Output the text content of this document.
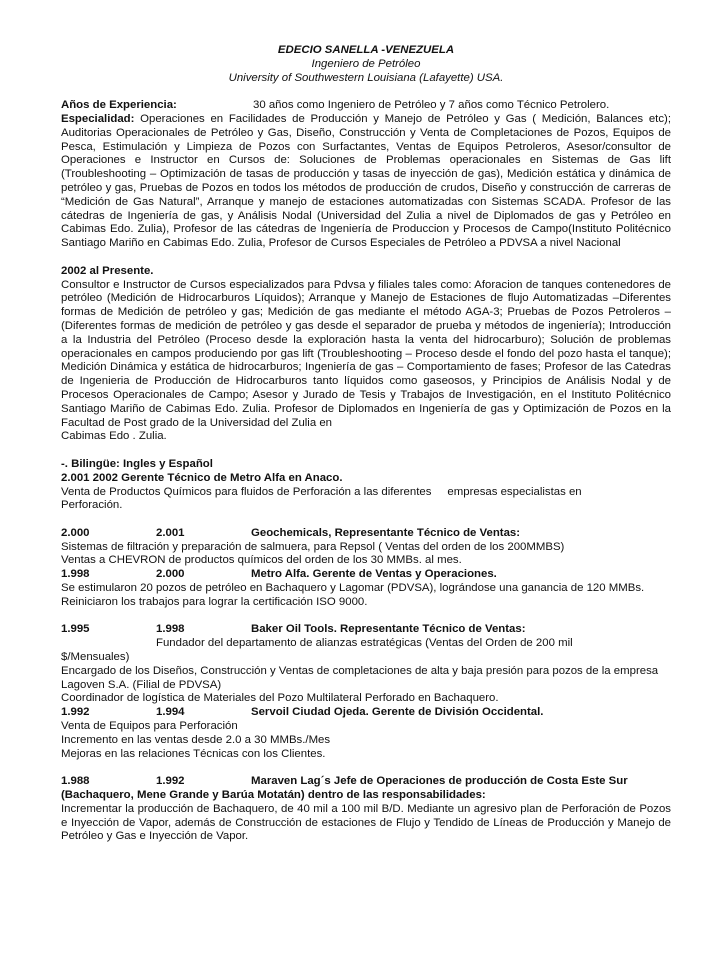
EDECIO SANELLA -VENEZUELA

Ingeniero de Petróleo

University of Southwestern Louisiana (Lafayette) USA.

Años de Experiencia:	30 años como Ingeniero de Petróleo y 7 años como Técnico Petrolero.

Especialidad: Operaciones en Facilidades de Producción y Manejo de Petróleo y Gas ( Medición, Balances etc); Auditorias Operacionales de Petróleo y Gas, Diseño, Construcción y Venta de Completaciones de Pozos, Equipos de Pesca, Estimulación y Limpieza de Pozos con Surfactantes, Ventas de Equipos Petroleros, Asesor/consultor de Operaciones e Instructor en Cursos de: Soluciones de Problemas operacionales en Sistemas de Gas lift (Troubleshooting – Optimización de tasas de producción y tasas de inyección de gas), Medición estática y dinámica de petróleo y gas, Pruebas de Pozos en todos los métodos de producción de crudos, Diseño y construcción de carreras de “Medición de Gas Natural”, Arranque y manejo de estaciones automatizadas con Sistemas SCADA. Profesor de las cátedras de Ingeniería de gas, y Análisis Nodal (Universidad del Zulia a nivel de Diplomados de gas y Petróleo en Cabimas Edo. Zulia), Profesor de las cátedras de Ingeniería de Produccion y Procesos de Campo(Instituto Politécnico Santiago Mariño en Cabimas Edo. Zulia, Profesor de Cursos Especiales de Petróleo a PDVSA a nivel Nacional

2002 al Presente.

Consultor e Instructor de Cursos especializados para Pdvsa y filiales tales como: Aforacion de tanques contenedores de petróleo (Medición de Hidrocarburos Líquidos); Arranque y Manejo de Estaciones de flujo Automatizadas –Diferentes formas de Medición de petróleo y gas; Medición de gas mediante el método AGA-3; Pruebas de Pozos Petroleros – (Diferentes formas de medición de petróleo y gas desde el separador de prueba y métodos de ingeniería); Introducción a la Industria del Petróleo (Proceso desde la exploración hasta la venta del hidrocarburo); Solución de problemas operacionales en campos produciendo por gas lift (Troubleshooting – Proceso desde el fondo del pozo hasta el tanque); Medición Dinámica y estática de hidrocarburos; Ingeniería de gas – Comportamiento de fases; Profesor de las Catedras de Ingenieria de Producción de Hidrocarburos tanto líquidos como gaseosos, y Principios de Análisis Nodal y de Procesos Operacionales de Campo; Asesor y Jurado de Tesis y Trabajos de Investigación, en el Instituto Politécnico Santiago Mariño de Cabimas Edo. Zulia. Profesor de Diplomados en Ingeniería de gas y Optimización de Pozos en la Facultad de Post grado de la Universidad del Zulia en

Cabimas Edo . Zulia.

-. Bilingüe: Ingles y Español

2.001 2002 Gerente Técnico de Metro Alfa en Anaco.

Venta de Productos Químicos para fluidos de Perforación a las diferentes empresas especialistas en

Perforación.

2.000	2.001	Geochemicals, Representante Técnico de Ventas:

Sistemas de filtración y preparación de salmuera, para Repsol ( Ventas del orden de los 200MMBS)

Ventas a CHEVRON de productos químicos del orden de los 30 MMBs. al mes.

1.998	2.000	Metro Alfa. Gerente de Ventas y Operaciones.

Se estimularon 20 pozos de petróleo en Bachaquero y Lagomar (PDVSA), lográndose una ganancia de 120 MMBs.

Reiniciaron los trabajos para lograr la certificación ISO 9000.

1.995	1.998	Baker Oil Tools. Representante Técnico de Ventas:

Fundador del departamento de alianzas estratégicas (Ventas del Orden de 200 mil

$/Mensuales)

Encargado de los Diseños, Construcción y Ventas de completaciones de alta y baja presión para pozos de la empresa Lagoven S.A. (Filial de PDVSA)

Coordinador de logística de Materiales del Pozo Multilateral Perforado en Bachaquero.

1.992	1.994	Servoil Ciudad Ojeda. Gerente de División Occidental.

Venta de Equipos para Perforación

Incremento en las ventas desde 2.0 a 30 MMBs./Mes

Mejoras en las relaciones Técnicas con los Clientes.

1.988	1.992	Maraven Lag´s Jefe de Operaciones de producción de Costa Este Sur

(Bachaquero, Mene Grande y Barúa Motatán) dentro de las responsabilidades:

Incrementar la producción de Bachaquero, de 40 mil a 100 mil B/D. Mediante un agresivo plan de Perforación de Pozos e Inyección de Vapor, además de Construcción de estaciones de Flujo y Tendido de Líneas de Producción y Manejo de Petróleo y Gas e Inyección de Vapor.
